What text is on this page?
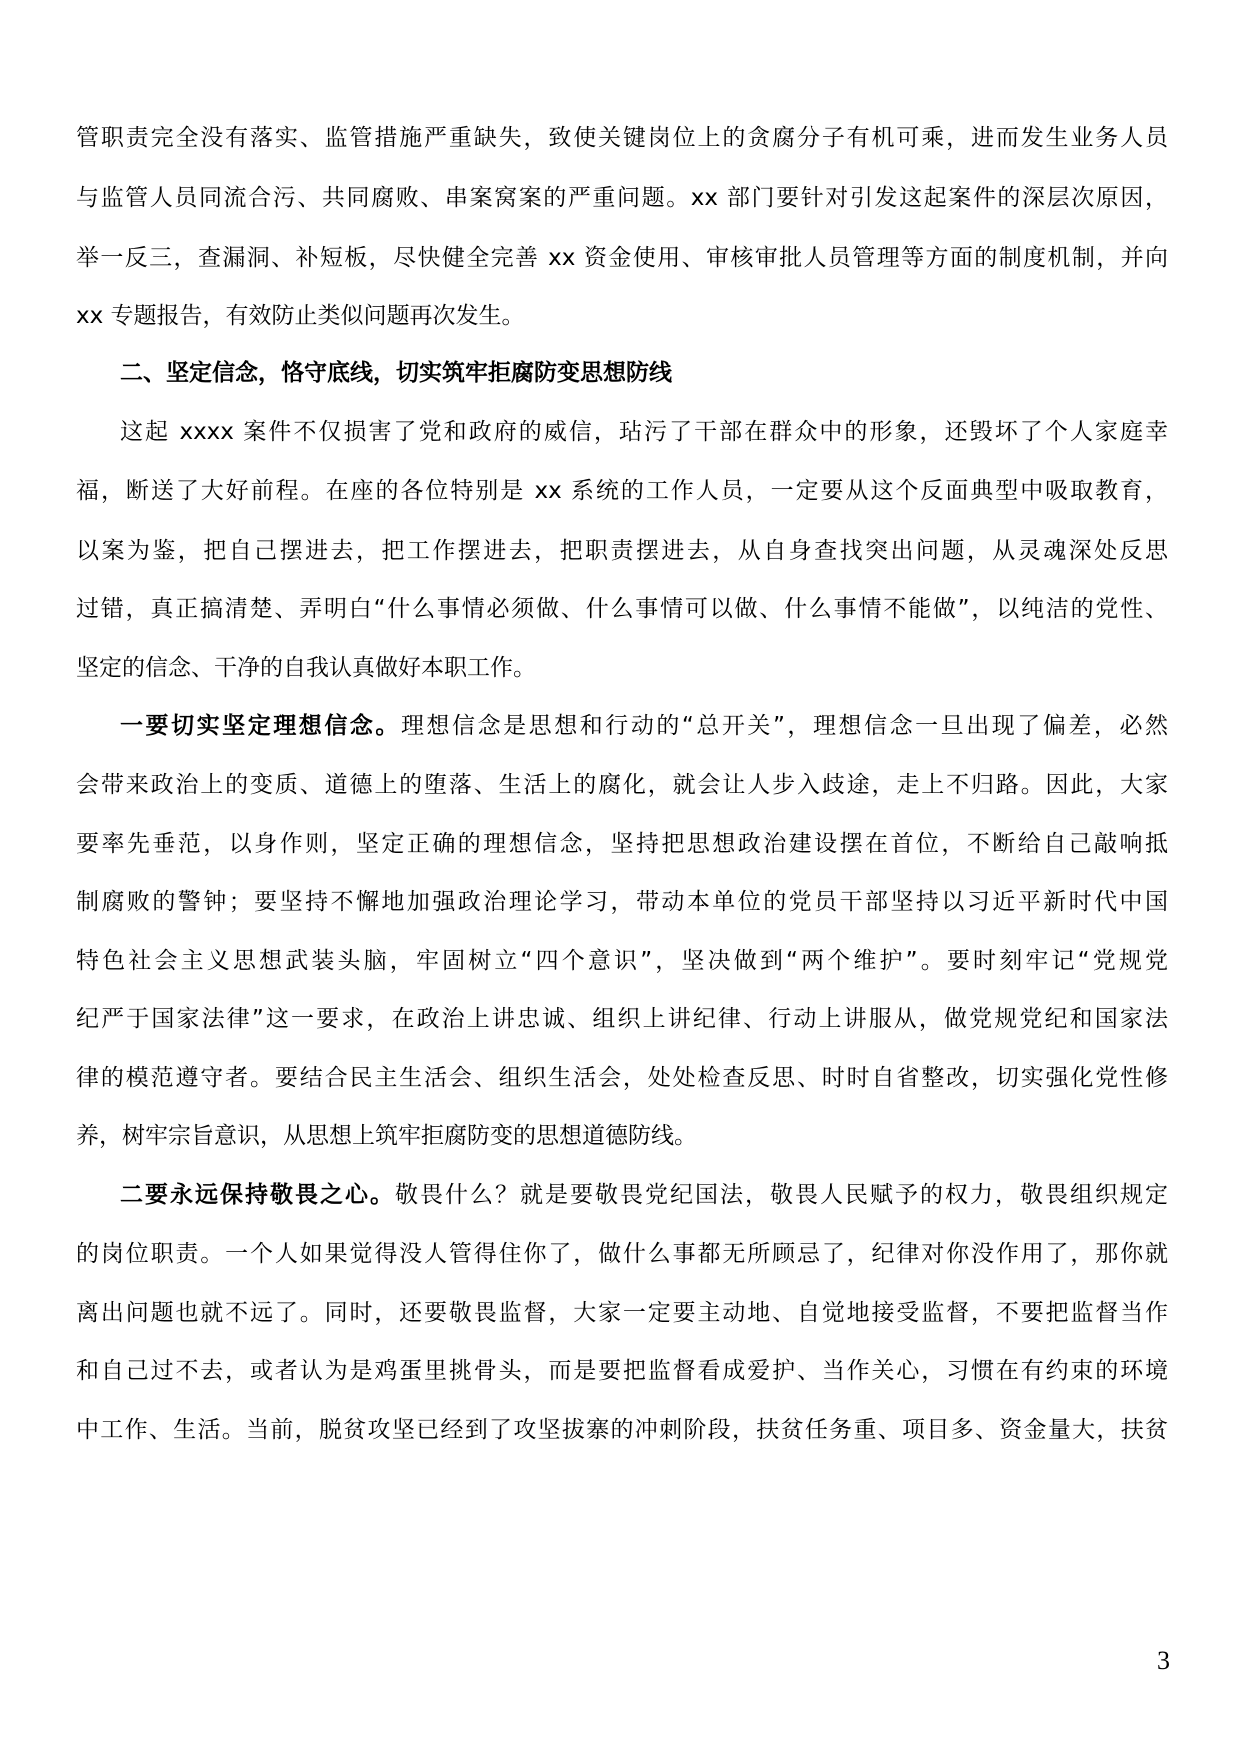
管职责完全没有落实、监管措施严重缺失，致使关键岗位上的贪腐分子有机可乘，进而发生业务人员
与监管人员同流合污、共同腐败、串案窝案的严重问题。xx 部门要针对引发这起案件的深层次原因，
举一反三，查漏洞、补短板，尽快健全完善 xx 资金使用、审核审批人员管理等方面的制度机制，并向
xx 专题报告，有效防止类似问题再次发生。
二、坚定信念，恪守底线，切实筑牢拒腐防变思想防线
这起 xxxx 案件不仅损害了党和政府的威信，玷污了干部在群众中的形象，还毁坏了个人家庭幸
福，断送了大好前程。在座的各位特别是 xx 系统的工作人员，一定要从这个反面典型中吸取教育，
以案为鉴，把自己摆进去，把工作摆进去，把职责摆进去，从自身查找突出问题，从灵魂深处反思
过错，真正搞清楚、弄明白“什么事情必须做、什么事情可以做、什么事情不能做”，以纯洁的党性、
坚定的信念、干净的自我认真做好本职工作。
一要切实坚定理想信念。理想信念是思想和行动的“总开关”，理想信念一旦出现了偏差，必然
会带来政治上的变质、道德上的堕落、生活上的腐化，就会让人步入歧途，走上不归路。因此，大家
要率先垂范，以身作则，坚定正确的理想信念，坚持把思想政治建设摆在首位，不断给自己敲响抵
制腐败的警钟；要坚持不懈地加强政治理论学习，带动本单位的党员干部坚持以习近平新时代中国
特色社会主义思想武装头脑，牢固树立“四个意识”，坚决做到“两个维护”。要时刻牢记“党规党
纪严于国家法律”这一要求，在政治上讲忠诚、组织上讲纪律、行动上讲服从，做党规党纪和国家法
律的模范遵守者。要结合民主生活会、组织生活会，处处检查反思、时时自省整改，切实强化党性修
养，树牢宗旨意识，从思想上筑牢拒腐防变的思想道德防线。
二要永远保持敬畏之心。敬畏什么？就是要敬畏党纪国法，敬畏人民赋予的权力，敬畏组织规定
的岗位职责。一个人如果觉得没人管得住你了，做什么事都无所顾忌了，纪律对你没作用了，那你就
离出问题也就不远了。同时，还要敬畏监督，大家一定要主动地、自觉地接受监督，不要把监督当作
和自己过不去，或者认为是鸡蛋里挑骨头，而是要把监督看成爱护、当作关心，习惯在有约束的环境
中工作、生活。当前，脱贫攻坚已经到了攻坚拔寨的冲刺阶段，扶贫任务重、项目多、资金量大，扶贫
3
